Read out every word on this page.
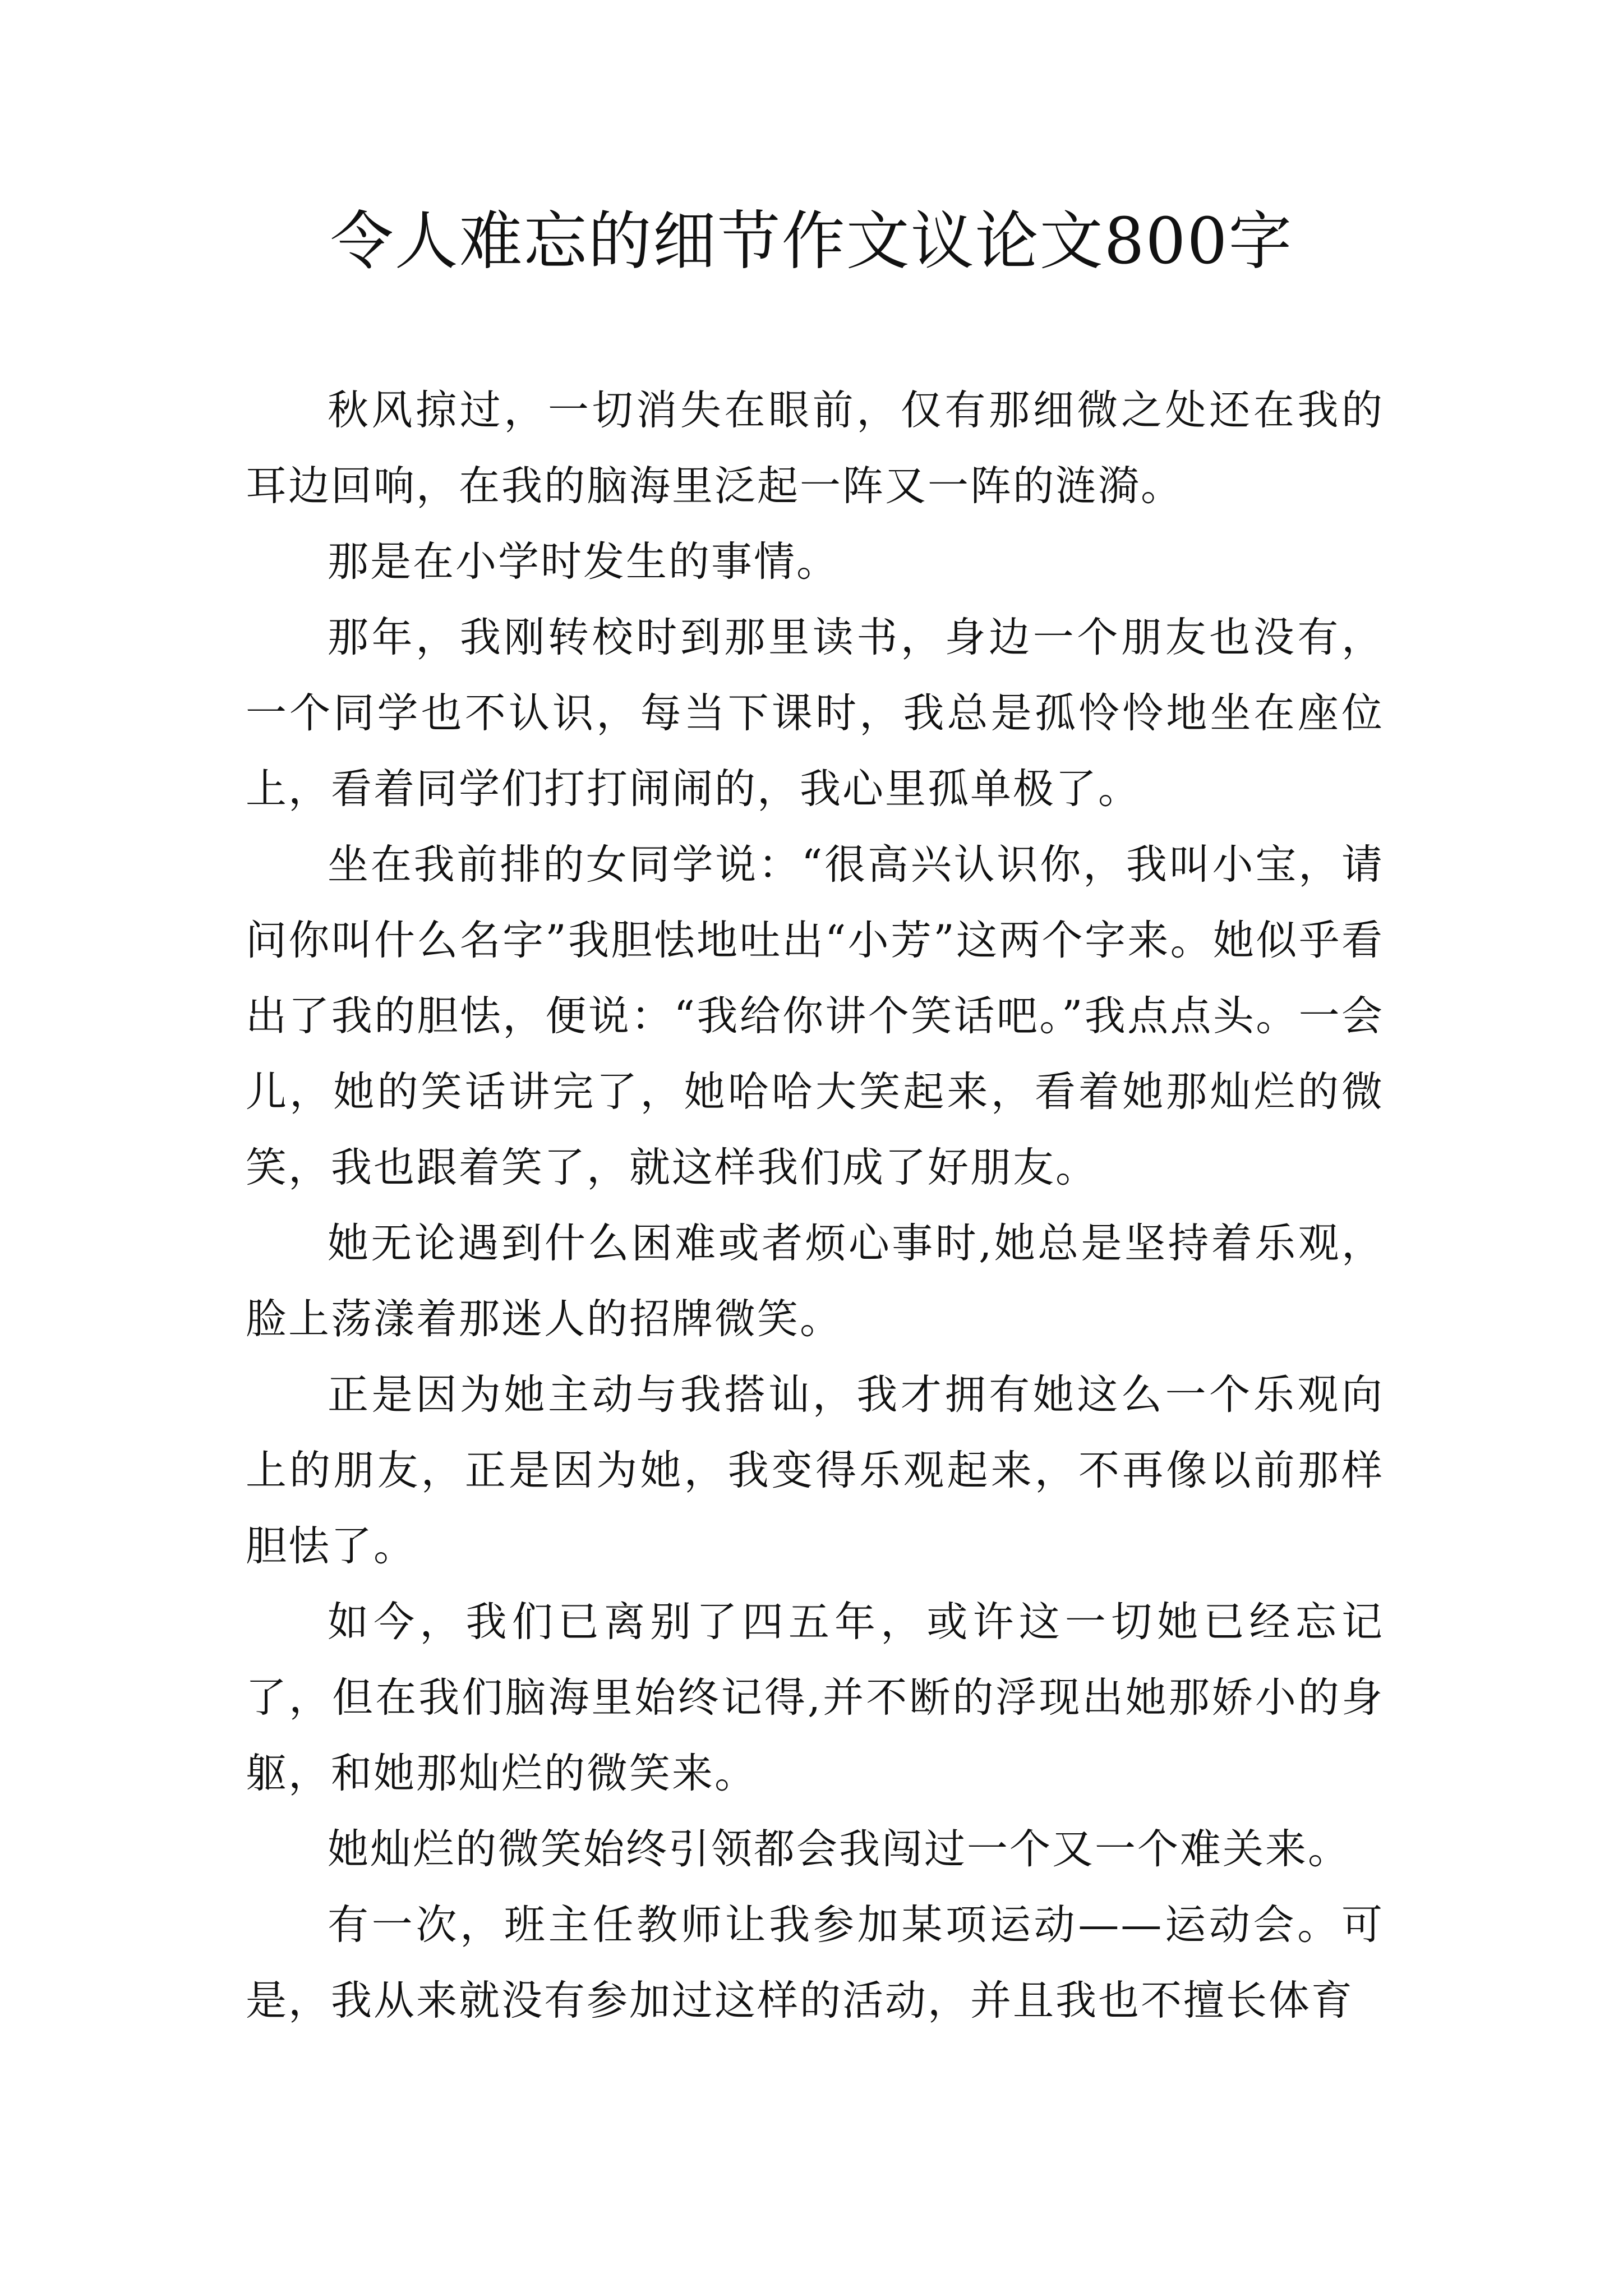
令人难忘的细节作文议论文800字

秋风掠过，一切消失在眼前，仅有那细微之处还在我的耳边回响，在我的脑海里泛起一阵又一阵的涟漪。

那是在小学时发生的事情。

那年，我刚转校时到那里读书，身边一个朋友也没有，一个同学也不认识，每当下课时，我总是孤怜怜地坐在座位上，看着同学们打打闹闹的，我心里孤单极了。

坐在我前排的女同学说：“很高兴认识你，我叫小宝，请问你叫什么名字”我胆怯地吐出“小芳”这两个字来。她似乎看出了我的胆怯，便说：“我给你讲个笑话吧。”我点点头。一会儿，她的笑话讲完了，她哈哈大笑起来，看着她那灿烂的微笑，我也跟着笑了，就这样我们成了好朋友。

她无论遇到什么困难或者烦心事时,她总是坚持着乐观，脸上荡漾着那迷人的招牌微笑。

正是因为她主动与我搭讪，我才拥有她这么一个乐观向上的朋友，正是因为她，我变得乐观起来，不再像以前那样胆怯了。

如今，我们已离别了四五年，或许这一切她已经忘记了，但在我们脑海里始终记得,并不断的浮现出她那娇小的身躯，和她那灿烂的微笑来。

她灿烂的微笑始终引领都会我闯过一个又一个难关来。

有一次，班主任教师让我参加某项运动——运动会。可是，我从来就没有参加过这样的活动，并且我也不擅长体育
